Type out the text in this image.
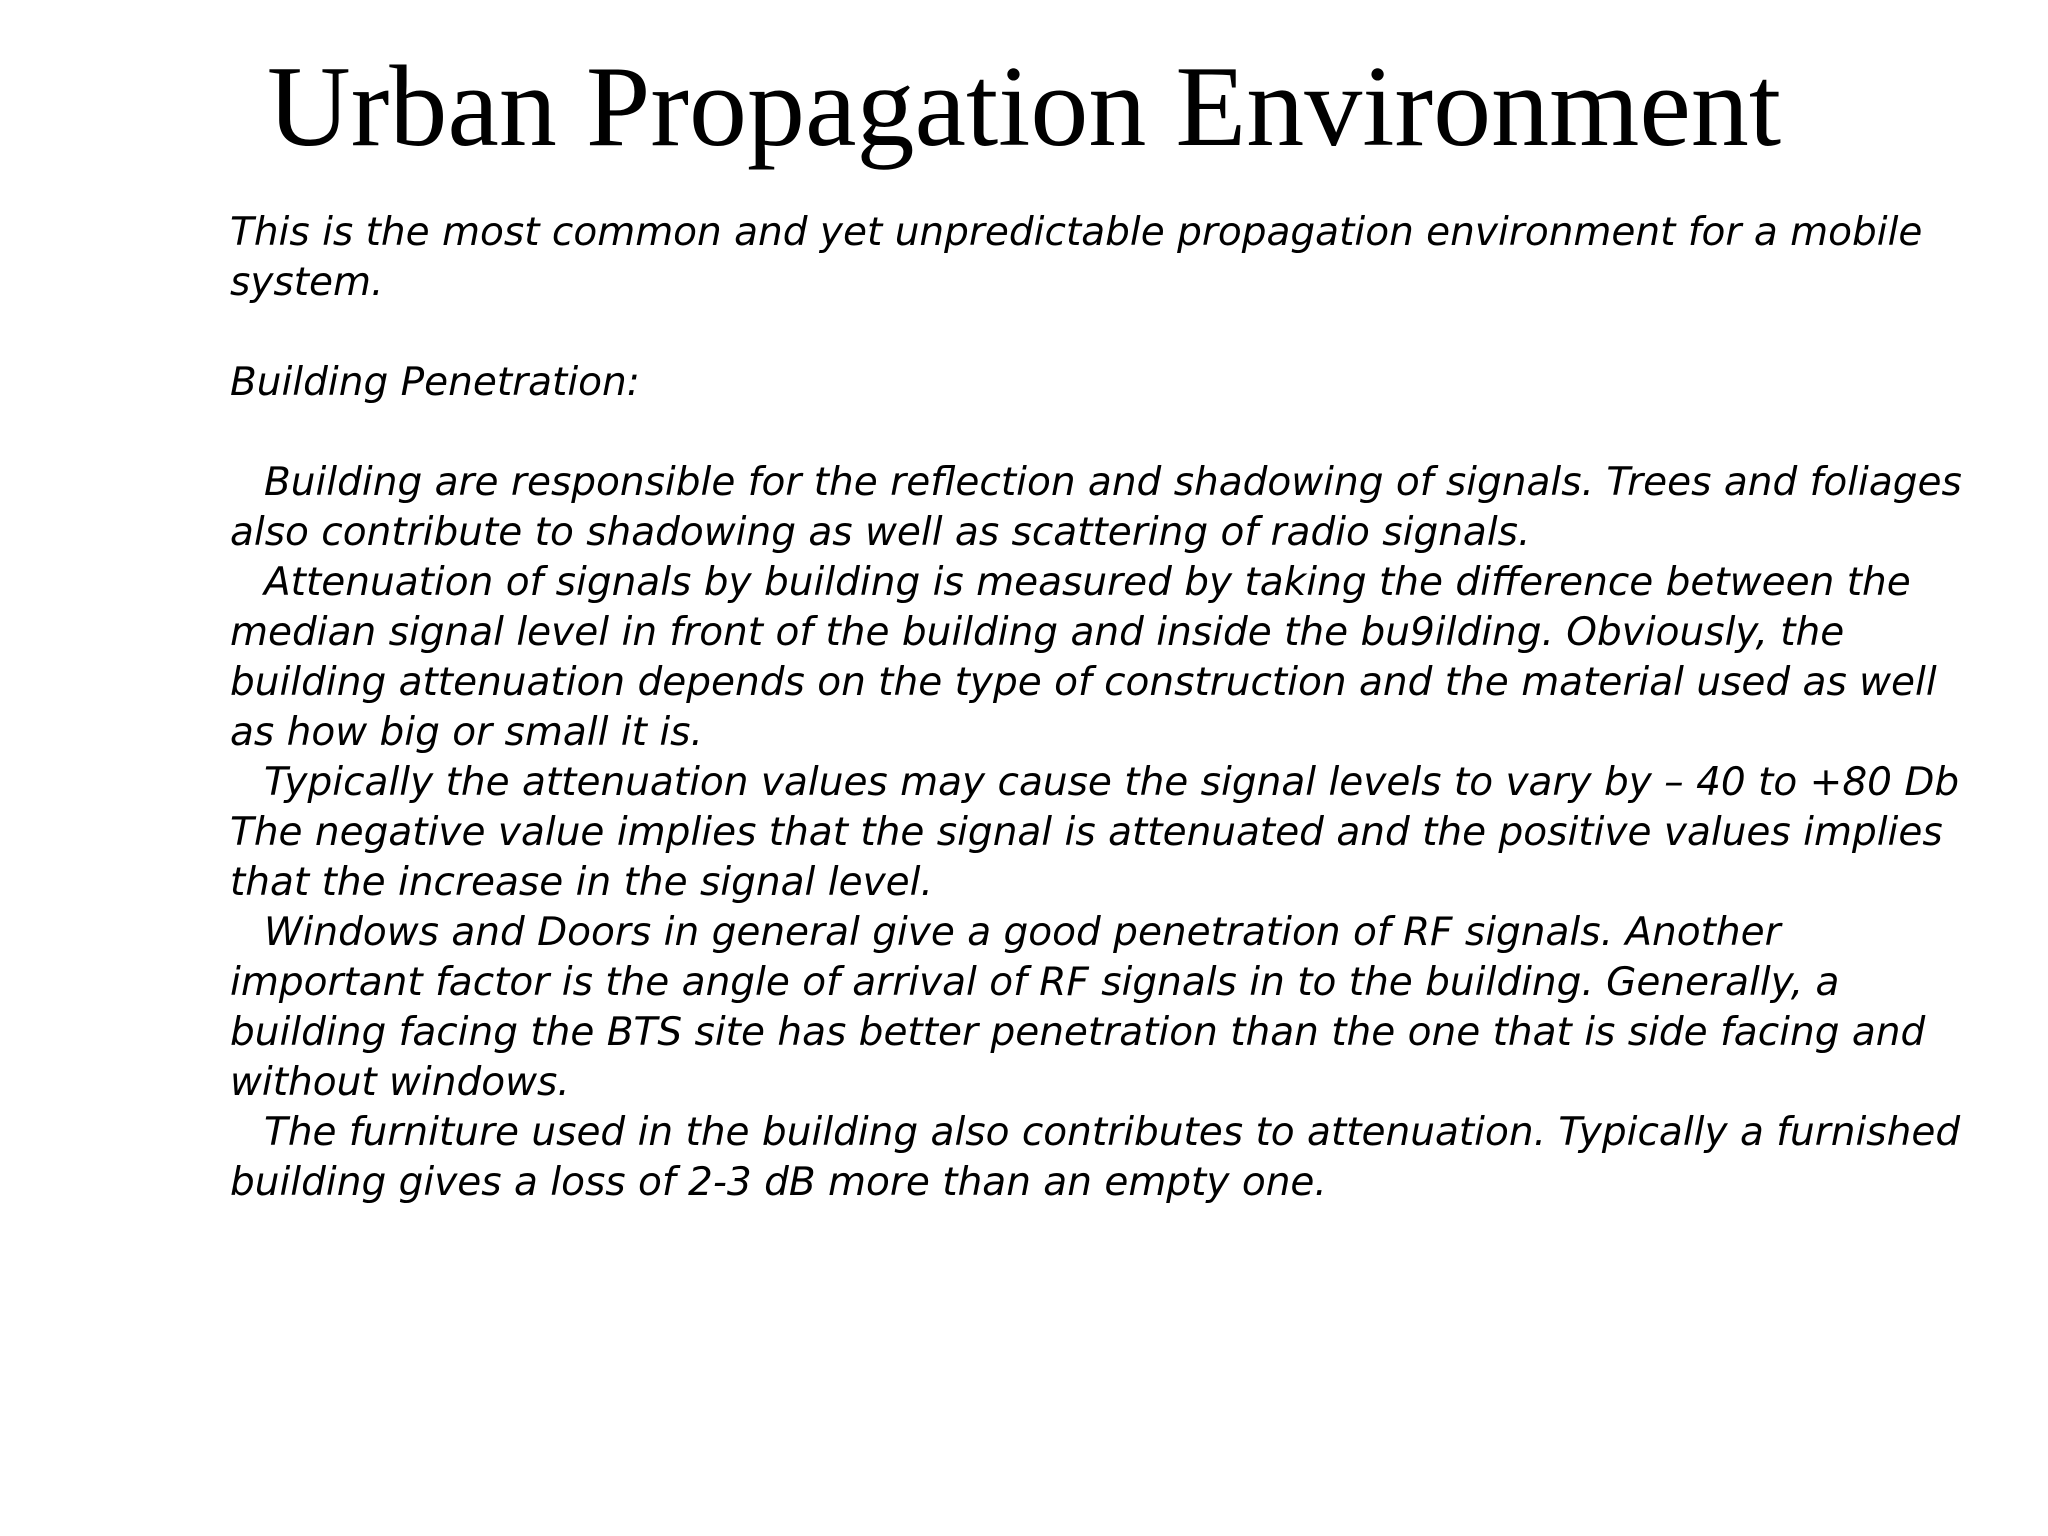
Urban Propagation Environment
This is the most common and yet unpredictable propagation environment for a mobile
system.
Building Penetration:
Building are responsible for the reflection and shadowing of signals. Trees and foliages
also contribute to shadowing as well as scattering of radio signals.
Attenuation of signals by building is measured by taking the difference between the
median signal level in front of the building and inside the bu9ilding. Obviously, the
building attenuation depends on the type of construction and the material used as well
as how big or small it is.
Typically the attenuation values may cause the signal levels to vary by – 40 to +80 Db
The negative value implies that the signal is attenuated and the positive values implies
that the increase in the signal level.
Windows and Doors in general give a good penetration of RF signals. Another
important factor is the angle of arrival of RF signals in to the building. Generally, a
building facing the BTS site has better penetration than the one that is side facing and
without windows.
The furniture used in the building also contributes to attenuation. Typically a furnished
building gives a loss of 2-3 dB more than an empty one.
